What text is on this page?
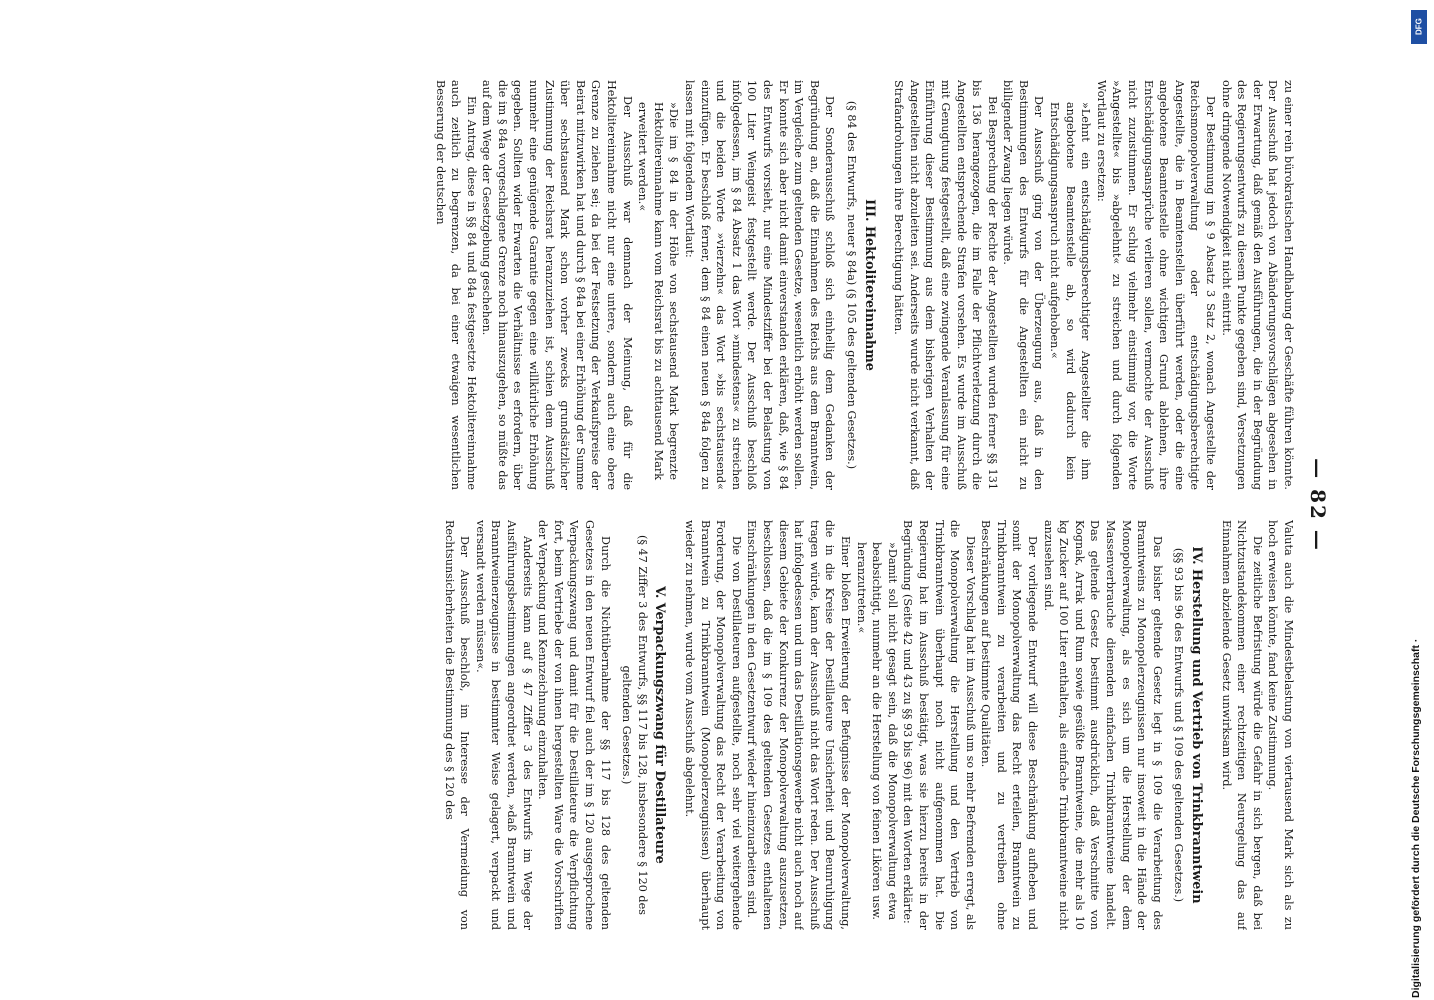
— 82 —

zu einer rein bürokratischen Handhabung der Geschäfte führen könnte. Der Ausschuß hat jedoch von Abänderungsvorschlägen abgesehen in der Erwartung, daß gemäß den Ausführungen, die in der Begründung des Regierungsentwurfs zu diesem Punkte gegeben sind, Versetzungen ohne dringende Notwendigkeit nicht eintritt.

Der Bestimmung im § 9 Absatz 3 Satz 2, wonach Angestellte der Reichsmonopolverwaltung oder entschädigungsberechtigte Angestellte, die in Beamtenstellen überführt werden, oder die eine angebotene Beamtenstelle ohne wichtigen Grund ablehnen, ihre Entschädigungsansprüche verlieren sollen, vermochte der Ausschuß nicht zuzustimmen. Er schlug vielmehr einstimmig vor, die Worte »Angestellte« bis »abgelehnt« zu streichen und durch folgenden Wortlaut zu ersetzen:

»Lehnt ein entschädigungsberechtigter Angestellter die ihm angebotene Beamtenstelle ab, so wird dadurch kein Entschädigungsanspruch nicht aufgehoben.«

Der Ausschuß ging von der Überzeugung aus, daß in den Bestimmungen des Entwurfs für die Angestellten ein nicht zu billigender Zwang liegen würde.

Bei Besprechung der Rechte der Angestellten wurden ferner §§ 131 bis 136 herangezogen, die im Falle der Pflichtverletzung durch die Angestellten entsprechende Strafen vorsehen. Es wurde im Ausschuß mit Genugtuung festgestellt, daß eine zwingende Veranlassung für eine Einführung dieser Bestimmung aus dem bisherigen Verhalten der Angestellten nicht abzuleiten sei. Anderseits wurde nicht verkannt, daß Strafandrohungen ihre Berechtigung hätten.

III. Hektolitereinnahme

(§ 84 des Entwurfs, neuer § 84a) (§ 105 des geltenden Gesetzes.)

Der Sonderausschuß schloß sich einhellig dem Gedanken der Begründung an, daß die Einnahmen des Reichs aus dem Branntwein, im Vergleiche zum geltenden Gesetze, wesentlich erhöht werden sollen. Er konnte sich aber nicht damit einverstanden erklären, daß, wie § 84 des Entwurfs vorsieht, nur eine Mindestziffer bei der Belastung von 100 Liter Weingeist festgestellt werde. Der Ausschuß beschloß infolgedessen, im § 84 Absatz 1 das Wort »mindestens« zu streichen und die beiden Worte »vierzehn« das Wort »bis sechstausend« einzufügen. Er beschloß ferner, dem § 84 einen neuen § 84a folgen zu lassen mit folgendem Wortlaut:

»Die im § 84 in der Höhe von sechstausend Mark begrenzte Hektolitereinnahme kann vom Reichsrat bis zu achttausend Mark erweitert werden.«

Der Ausschuß war demnach der Meinung, daß für die Hektolitereinnahme nicht nur eine untere, sondern auch eine obere Grenze zu ziehen sei; da bei der Festsetzung der Verkaufspreise der Beirat mitzuwirken hat und durch § 84a bei einer Erhöhung der Summe über sechstausend Mark schon vorher zwecks grundsätzlicher Zustimmung der Reichsrat heranzuziehen ist, schien dem Ausschuß nunmehr eine genügende Garantie gegen eine willkürliche Erhöhung gegeben. Sollten wider Erwarten die Verhältnisse es erfordern, über die im § 84a vorgeschlagene Grenze noch hinauszugehen, so müßte das auf dem Wege der Gesetzgebung geschehen.

Ein Antrag, diese in §§ 84 und 84a festgesetzte Hektolitereinnahme auch zeitlich zu begrenzen, da bei einer etwaigen wesentlichen Besserung der deutschen

Valuta auch die Mindestbelastung von viertausend Mark sich als zu hoch erweisen könnte, fand keine Zustimmung.

Die zeitliche Befristung würde die Gefahr in sich bergen, daß bei Nichtzustandekommen einer rechtzeitigen Neuregelung das auf Einnahmen abzielende Gesetz unwirksam wird.

IV. Herstellung und Vertrieb von Trinkbranntwein

(§§ 93 bis 96 des Entwurfs und § 109 des geltenden Gesetzes.)

Das bisher geltende Gesetz legt in § 109 die Verarbeitung des Branntweins zu Monopolerzeugnissen nur insoweit in die Hände der Monopolverwaltung, als es sich um die Herstellung der dem Massenverbrauche dienenden einfachen Trinkbranntweine handelt. Das geltende Gesetz bestimmt ausdrücklich, daß Verschnitte von Kognak, Arrak und Rum sowie gesüßte Branntweine, die mehr als 10 kg Zucker auf 100 Liter enthalten, als einfache Trinkbranntweine nicht anzusehen sind.

Der vorliegende Entwurf will diese Beschränkung aufheben und somit der Monopolverwaltung das Recht erteilen, Branntwein zu Trinkbranntwein zu verarbeiten und zu vertreiben ohne Beschränkungen auf bestimmte Qualitäten.

Dieser Vorschlag hat im Ausschuß um so mehr Befremden erregt, als die Monopolverwaltung die Herstellung und den Vertrieb von Trinkbranntwein überhaupt noch nicht aufgenommen hat. Die Regierung hat im Ausschuß bestätigt, was sie hierzu bereits in der Begründung (Seite 42 und 43 zu §§ 93 bis 96) mit den Worten erklärte:

»Damit soll nicht gesagt sein, daß die Monopolverwaltung etwa beabsichtigt, nunmehr an die Herstellung von feinen Likören usw. heranzutreten.«

Einer bloßen Erweiterung der Befugnisse der Monopolverwaltung, die in die Kreise der Destillateure Unsicherheit und Beunruhigung tragen würde, kann der Ausschuß nicht das Wort reden. Der Ausschuß hat infolgedessen und um das Destillationsgewerbe nicht auch noch auf diesem Gebiete der Konkurrenz der Monopolverwaltung auszusetzen, beschlossen, daß die im § 109 des geltenden Gesetzes enthaltenen Einschränkungen in den Gesetzentwurf wieder hineinzuarbeiten sind.

Die von Destillateuren aufgestellte, noch sehr viel weitergehende Forderung, der Monopolverwaltung das Recht der Verarbeitung von Branntwein zu Trinkbranntwein (Monopolerzeugnissen) überhaupt wieder zu nehmen, wurde vom Ausschuß abgelehnt.

V. Verpackungszwang für Destillateure

(§ 47 Ziffer 3 des Entwurfs, §§ 117 bis 128, insbesondere § 120 des geltenden Gesetzes.)

Durch die Nichtübernahme der §§ 117 bis 128 des geltenden Gesetzes in den neuen Entwurf fiel auch der im § 120 ausgesprochene Verpackungszwang und damit für die Destillateure die Verpflichtung fort, beim Vertriebe der von ihnen hergestellten Ware die Vorschriften der Verpackung und Kennzeichnung einzuhalten.

Anderseits kann auf § 47 Ziffer 3 des Entwurfs im Wege der Ausführungsbestimmungen angeordnet werden, »daß Branntwein und Branntweinerzeugnisse in bestimmter Weise gelagert, verpackt und versandt werden müssen«.

Der Ausschuß beschloß, im Interesse der Vermeidung von Rechtsunsicherheiten die Bestimmung des § 120 des

DFG
Digitalisierung gefördert durch die Deutsche Forschungsgemeinschaft ·
